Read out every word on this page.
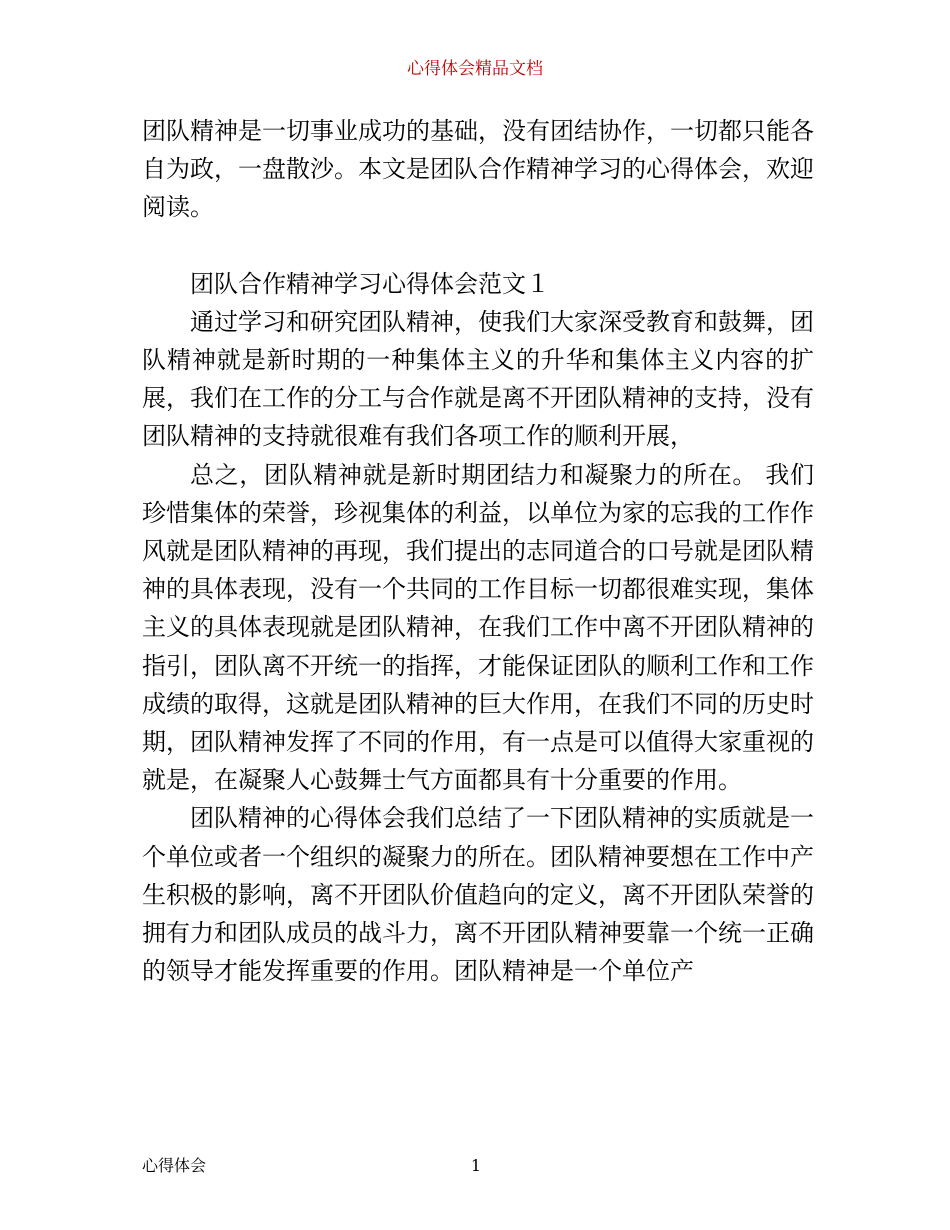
心得体会精品文档

团队精神是一切事业成功的基础，没有团结协作，一切都只能各自为政，一盘散沙。本文是团队合作精神学习的心得体会，欢迎阅读。

团队合作精神学习心得体会范文１

通过学习和研究团队精神，使我们大家深受教育和鼓舞，团队精神就是新时期的一种集体主义的升华和集体主义内容的扩展，我们在工作的分工与合作就是离不开团队精神的支持，没有团队精神的支持就很难有我们各项工作的顺利开展，

总之，团队精神就是新时期团结力和凝聚力的所在。 我们珍惜集体的荣誉，珍视集体的利益，以单位为家的忘我的工作作风就是团队精神的再现，我们提出的志同道合的口号就是团队精神的具体表现，没有一个共同的工作目标一切都很难实现，集体主义的具体表现就是团队精神，在我们工作中离不开团队精神的指引，团队离不开统一的指挥，才能保证团队的顺利工作和工作成绩的取得，这就是团队精神的巨大作用，在我们不同的历史时期，团队精神发挥了不同的作用，有一点是可以值得大家重视的就是，在凝聚人心鼓舞士气方面都具有十分重要的作用。

团队精神的心得体会我们总结了一下团队精神的实质就是一个单位或者一个组织的凝聚力的所在。团队精神要想在工作中产生积极的影响，离不开团队价值趋向的定义，离不开团队荣誉的拥有力和团队成员的战斗力，离不开团队精神要靠一个统一正确的领导才能发挥重要的作用。团队精神是一个单位产

心得体会	1
